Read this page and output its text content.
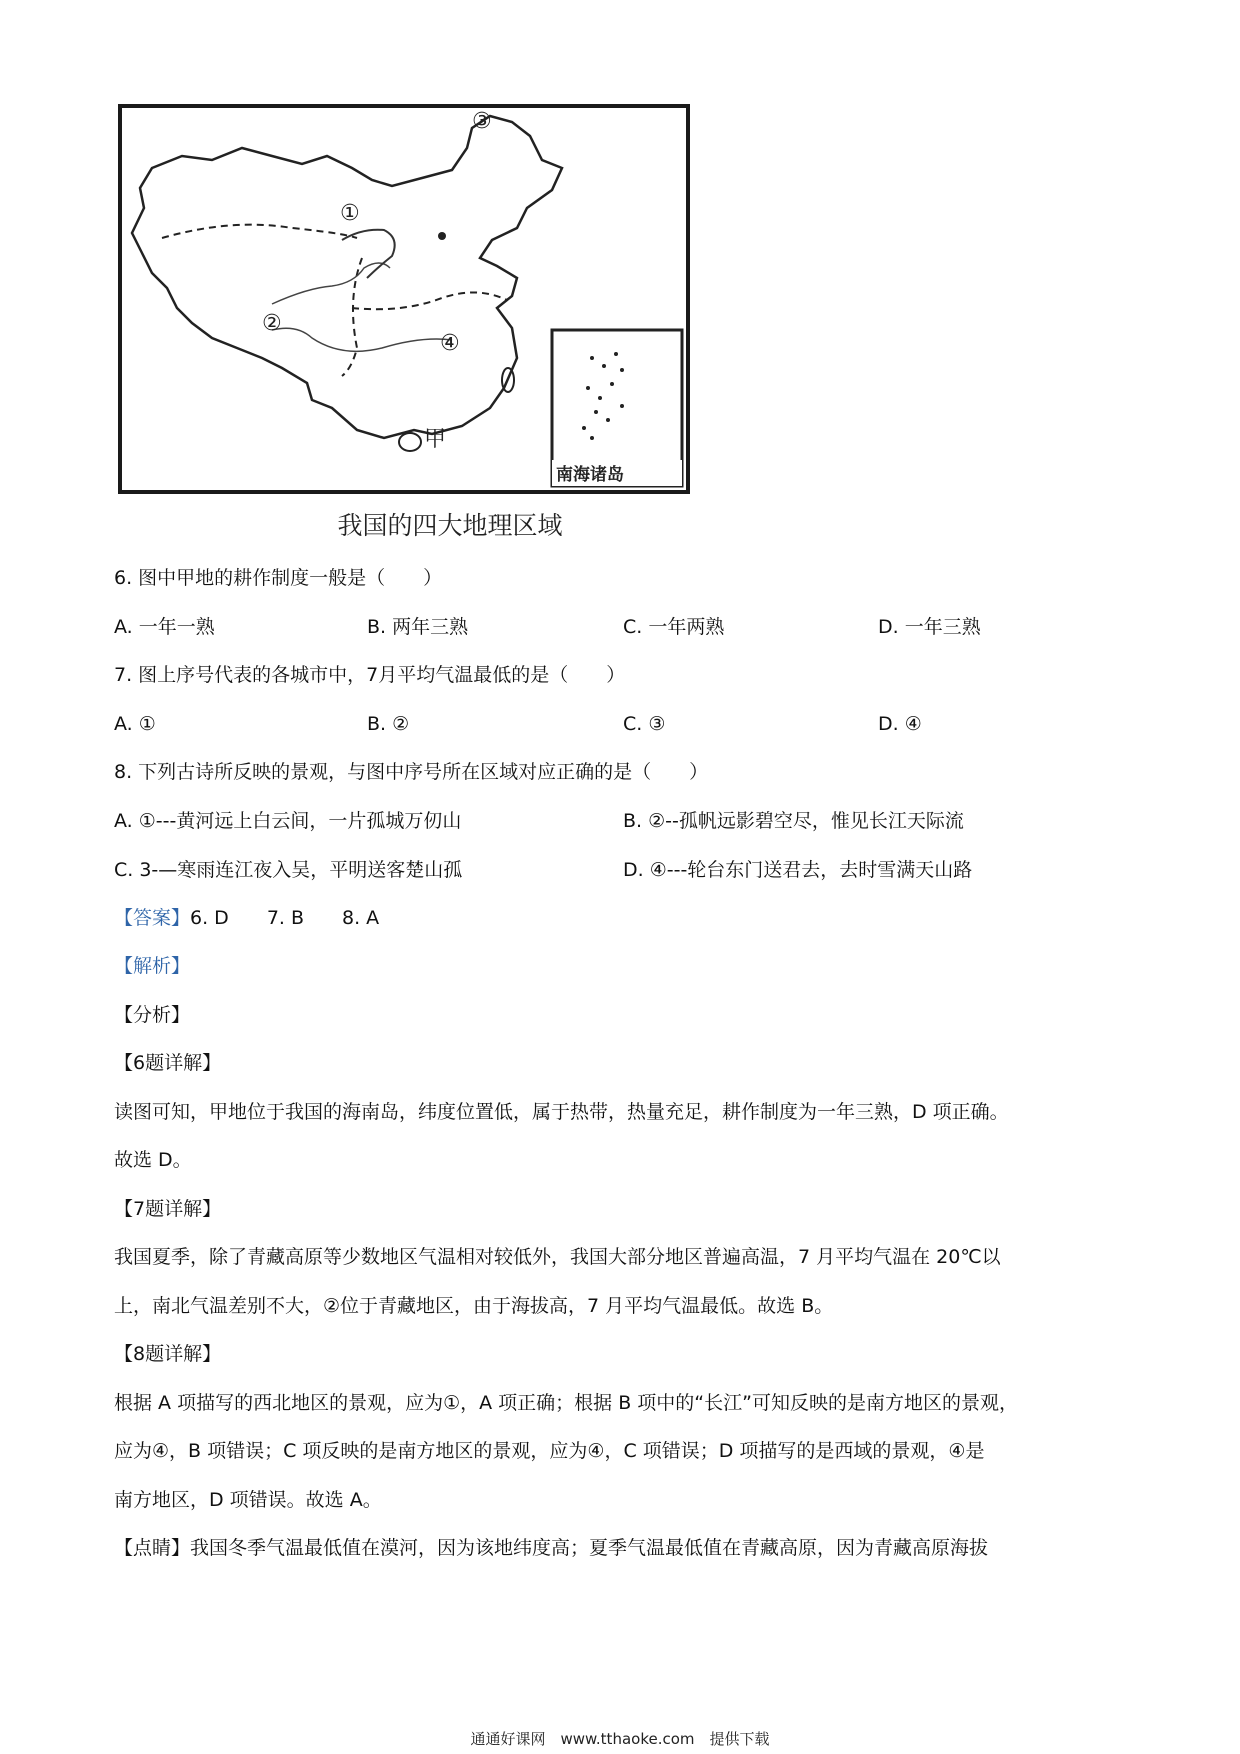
①
②
③
④
甲
南海诸岛
我国的四大地理区域
6. 图中甲地的耕作制度一般是（　　）
A. 一年一熟	B. 两年三熟	C. 一年两熟	D. 一年三熟
7. 图上序号代表的各城市中，7月平均气温最低的是（　　）
A. ①	B. ②	C. ③	D. ④
8. 下列古诗所反映的景观，与图中序号所在区域对应正确的是（　　）
A. ①---黄河远上白云间，一片孤城万仞山	B. ②--孤帆远影碧空尽，惟见长江天际流
C. 3-—寒雨连江夜入吴，平明送客楚山孤	D. ④---轮台东门送君去，去时雪满天山路
【答案】6. D　　7. B　　8. A
【解析】
【分析】
【6题详解】
读图可知，甲地位于我国的海南岛，纬度位置低，属于热带，热量充足，耕作制度为一年三熟，D 项正确。
故选 D。
【7题详解】
我国夏季，除了青藏高原等少数地区气温相对较低外，我国大部分地区普遍高温，7 月平均气温在 20℃以
上，南北气温差别不大，②位于青藏地区，由于海拔高，7 月平均气温最低。故选 B。
【8题详解】
根据 A 项描写的西北地区的景观，应为①，A 项正确；根据 B 项中的“长江”可知反映的是南方地区的景观，
应为④，B 项错误；C 项反映的是南方地区的景观，应为④，C 项错误；D 项描写的是西域的景观，④是
南方地区，D 项错误。故选 A。
【点睛】我国冬季气温最低值在漠河，因为该地纬度高；夏季气温最低值在青藏高原，因为青藏高原海拔
通通好课网　www.tthaoke.com　提供下载
